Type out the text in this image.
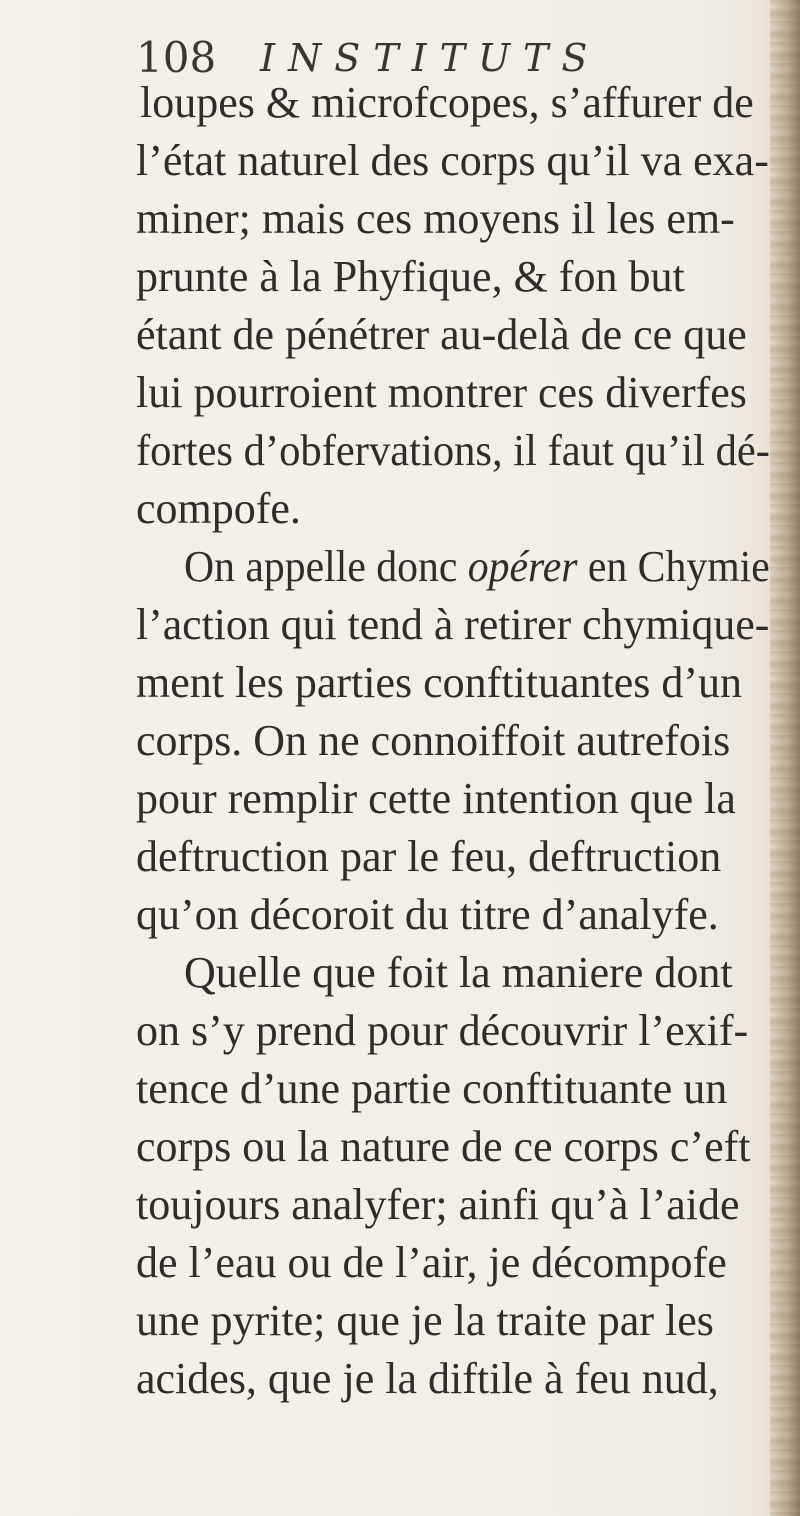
108 INSTITUTS
loupes & microfcopes, s’affurer de
l’état naturel des corps qu’il va exa-
miner; mais ces moyens il les em-
prunte à la Phyfique, & fon but
étant de pénétrer au-delà de ce que
lui pourroient montrer ces diverfes
fortes d’obfervations, il faut qu’il dé-
compofe.
On appelle donc opérer en Chymie
l’action qui tend à retirer chymique-
ment les parties conftituantes d’un
corps. On ne connoiffoit autrefois
pour remplir cette intention que la
deftruction par le feu, deftruction
qu’on décoroit du titre d’analyfe.
Quelle que foit la maniere dont
on s’y prend pour découvrir l’exif-
tence d’une partie conftituante un
corps ou la nature de ce corps c’eft
toujours analyfer; ainfi qu’à l’aide
de l’eau ou de l’air, je décompofe
une pyrite; que je la traite par les
acides, que je la diftile à feu nud,
